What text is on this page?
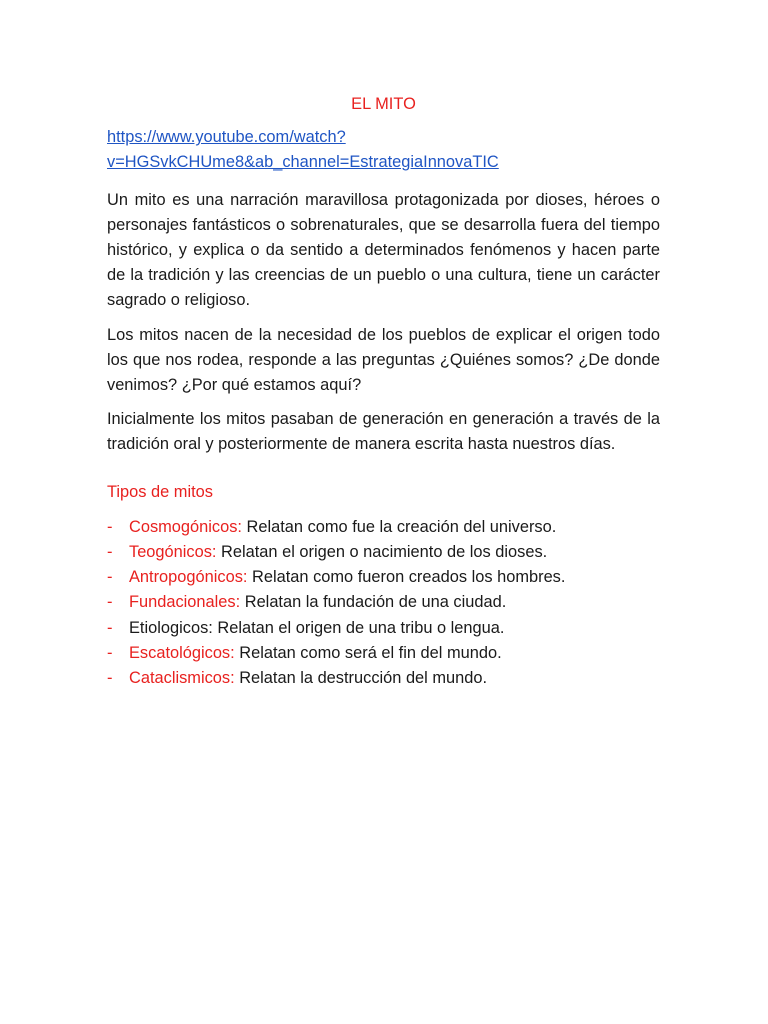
EL MITO
https://www.youtube.com/watch?
v=HGSvkCHUme8&ab_channel=EstrategiaInnovaTIC

Un mito es una narración maravillosa protagonizada por dioses, héroes o personajes fantásticos o sobrenaturales, que se desarrolla fuera del tiempo histórico, y explica o da sentido a determinados fenómenos y hacen parte de la tradición y las creencias de un pueblo o una cultura, tiene un carácter sagrado o religioso.

Los mitos nacen de la necesidad de los pueblos de explicar el origen todo los que nos rodea, responde a las preguntas ¿Quiénes somos? ¿De donde venimos? ¿Por qué estamos aquí?

Inicialmente los mitos pasaban de generación en generación a través de la tradición oral y posteriormente de manera escrita hasta nuestros días.

Tipos de mitos
- Cosmogónicos: Relatan como fue la creación del universo.
- Teogónicos: Relatan el origen o nacimiento de los dioses.
- Antropogónicos: Relatan como fueron creados los hombres.
- Fundacionales: Relatan la fundación de una ciudad.
- Etiologicos: Relatan el origen de una tribu o lengua.
- Escatológicos: Relatan como será el fin del mundo.
- Cataclismicos: Relatan la destrucción del mundo.
